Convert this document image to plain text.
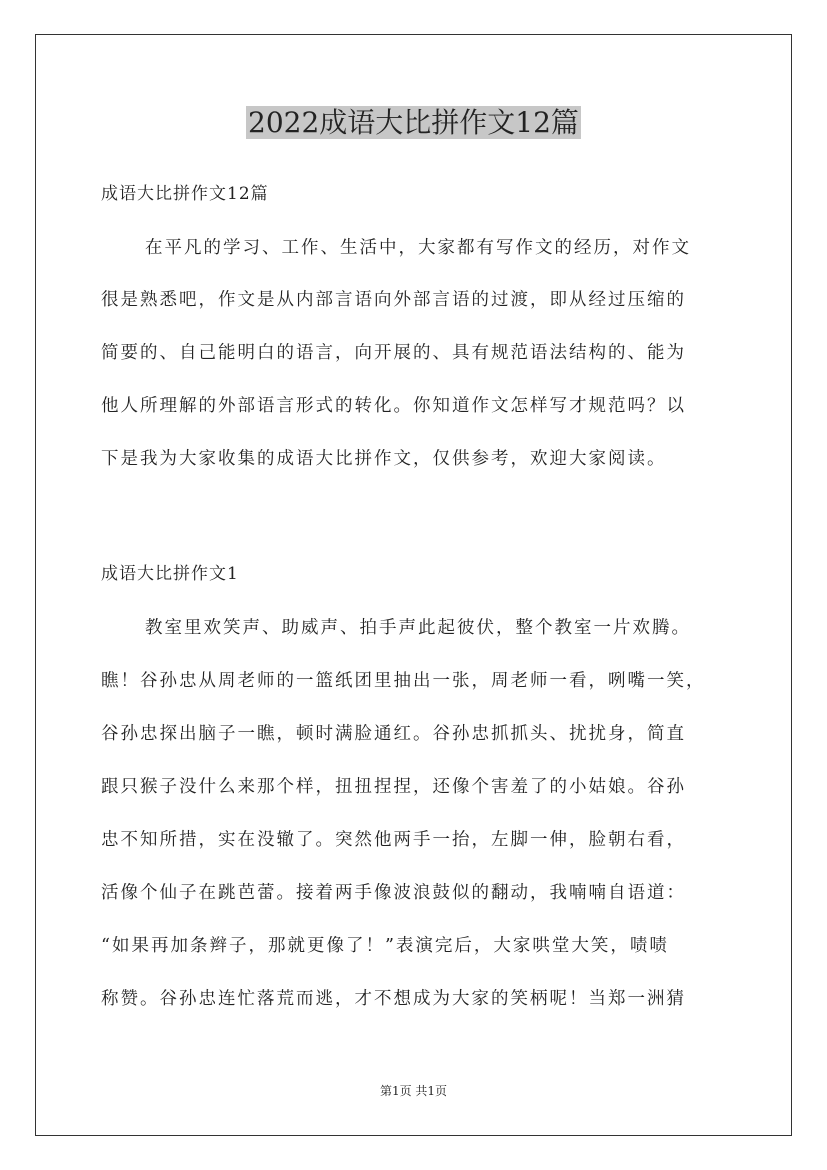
2022成语大比拼作文12篇

成语大比拼作文12篇

在平凡的学习、工作、生活中，大家都有写作文的经历，对作文

很是熟悉吧，作文是从内部言语向外部言语的过渡，即从经过压缩的

简要的、自己能明白的语言，向开展的、具有规范语法结构的、能为

他人所理解的外部语言形式的转化。你知道作文怎样写才规范吗？以

下是我为大家收集的成语大比拼作文，仅供参考，欢迎大家阅读。

成语大比拼作文1

教室里欢笑声、助威声、拍手声此起彼伏，整个教室一片欢腾。

瞧！谷孙忠从周老师的一篮纸团里抽出一张，周老师一看，咧嘴一笑，

谷孙忠探出脑子一瞧，顿时满脸通红。谷孙忠抓抓头、扰扰身，简直

跟只猴子没什么来那个样，扭扭捏捏，还像个害羞了的小姑娘。谷孙

忠不知所措，实在没辙了。突然他两手一抬，左脚一伸，脸朝右看，

活像个仙子在跳芭蕾。接着两手像波浪鼓似的翻动，我喃喃自语道：

“如果再加条辫子，那就更像了！”表演完后，大家哄堂大笑，啧啧

称赞。谷孙忠连忙落荒而逃，才不想成为大家的笑柄呢！当郑一洲猜

第1页 共1页
